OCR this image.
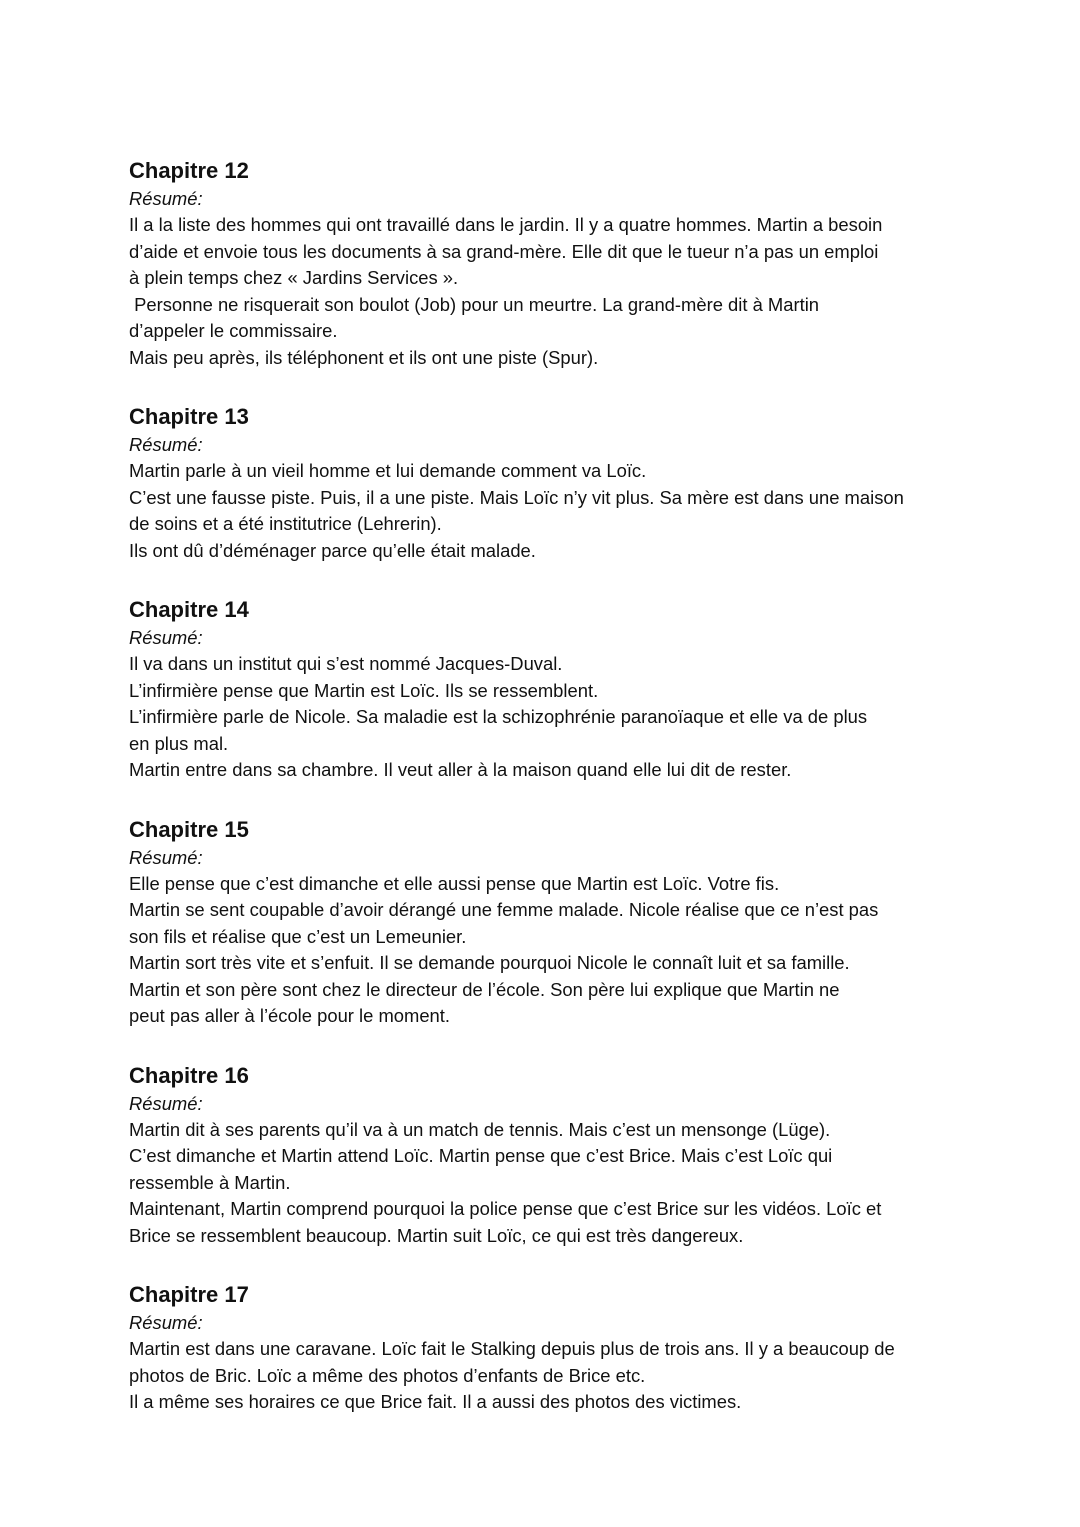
Chapitre 12

Résumé:

Il a la liste des hommes qui ont travaillé dans le jardin. Il y a quatre hommes. Martin a besoin

d’aide et envoie tous les documents à sa grand-mère. Elle dit que le tueur n’a pas un emploi

à plein temps chez « Jardins Services ».

Personne ne risquerait son boulot (Job) pour un meurtre. La grand-mère dit à Martin

d’appeler le commissaire.

Mais peu après, ils téléphonent et ils ont une piste (Spur).

Chapitre 13

Résumé:

Martin parle à un vieil homme et lui demande comment va Loïc.

C’est une fausse piste. Puis, il a une piste. Mais Loïc n’y vit plus. Sa mère est dans une maison

de soins et a été institutrice (Lehrerin).

Ils ont dû d’déménager parce qu’elle était malade.

Chapitre 14

Résumé:

Il va dans un institut qui s’est nommé Jacques-Duval.

L’infirmière pense que Martin est Loïc. Ils se ressemblent.

L’infirmière parle de Nicole. Sa maladie est la schizophrénie paranoïaque et elle va de plus

en plus mal.

Martin entre dans sa chambre. Il veut aller à la maison quand elle lui dit de rester.

Chapitre 15

Résumé:

Elle pense que c’est dimanche et elle aussi pense que Martin est Loïc. Votre fis.

Martin se sent coupable d’avoir dérangé une femme malade. Nicole réalise que ce n’est pas

son fils et réalise que c’est un Lemeunier.

Martin sort très vite et s’enfuit. Il se demande pourquoi Nicole le connaît luit et sa famille.

Martin et son père sont chez le directeur de l’école. Son père lui explique que Martin ne

peut pas aller à l’école pour le moment.

Chapitre 16

Résumé:

Martin dit à ses parents qu’il va à un match de tennis. Mais c’est un mensonge (Lüge).

C’est dimanche et Martin attend Loïc. Martin pense que c’est Brice. Mais c’est Loïc qui

ressemble à Martin.

Maintenant, Martin comprend pourquoi la police pense que c’est Brice sur les vidéos. Loïc et

Brice se ressemblent beaucoup. Martin suit Loïc, ce qui est très dangereux.

Chapitre 17

Résumé:

Martin est dans une caravane. Loïc fait le Stalking depuis plus de trois ans. Il y a beaucoup de

photos de Bric. Loïc a même des photos d’enfants de Brice etc.

Il a même ses horaires ce que Brice fait. Il a aussi des photos des victimes.
